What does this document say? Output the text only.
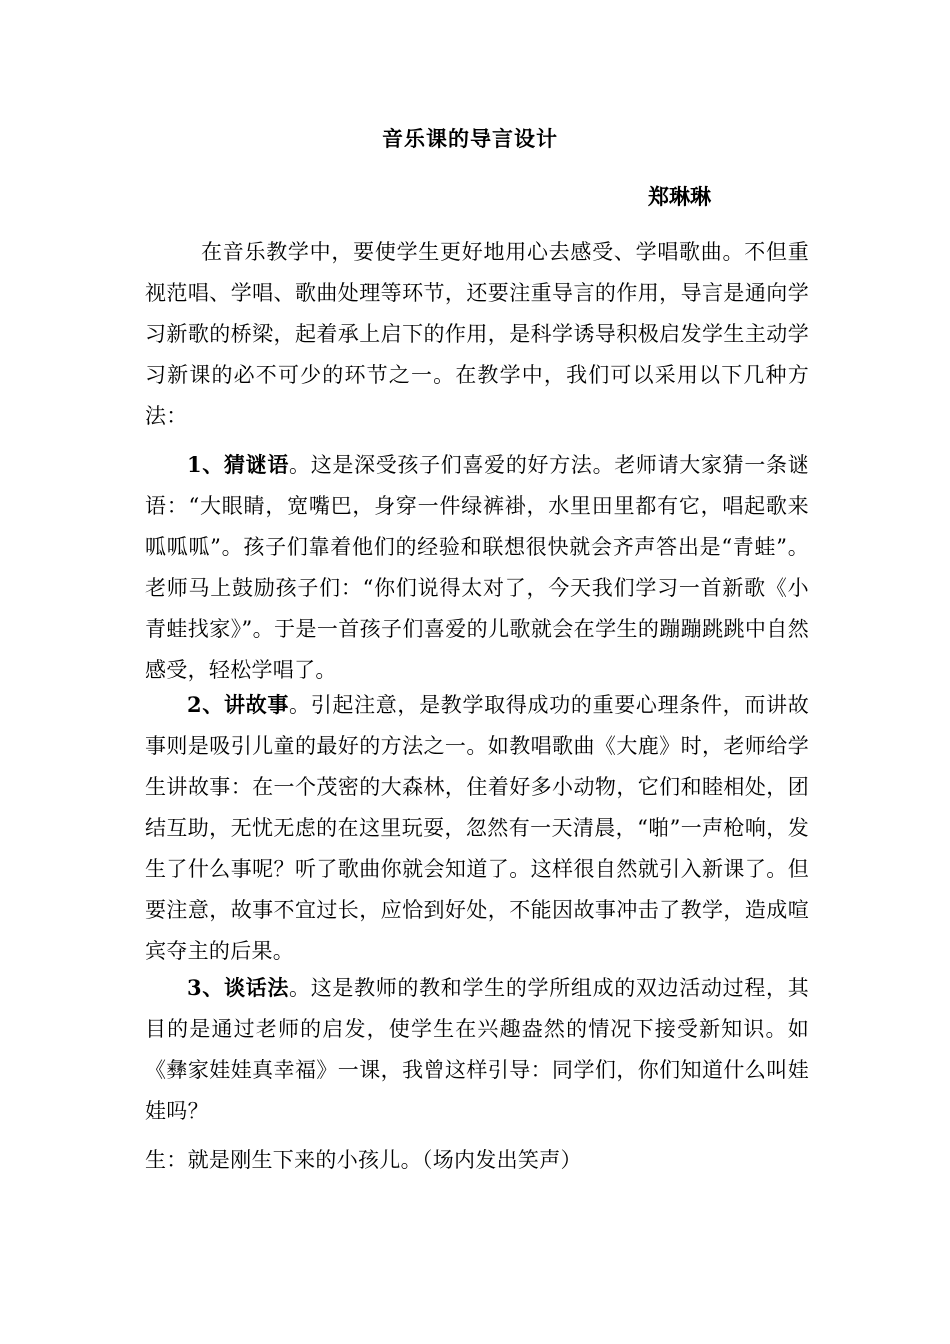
音乐课的导言设计
郑琳琳

在音乐教学中，要使学生更好地用心去感受、学唱歌曲。不但重视范唱、学唱、歌曲处理等环节，还要注重导言的作用，导言是通向学习新歌的桥梁，起着承上启下的作用，是科学诱导积极启发学生主动学习新课的必不可少的环节之一。在教学中，我们可以采用以下几种方法：

1、猜谜语。这是深受孩子们喜爱的好方法。老师请大家猜一条谜语：“大眼睛，宽嘴巴，身穿一件绿裤褂，水里田里都有它，唱起歌来呱呱呱”。孩子们靠着他们的经验和联想很快就会齐声答出是“青蛙”。老师马上鼓励孩子们：“你们说得太对了，今天我们学习一首新歌《小青蛙找家》”。于是一首孩子们喜爱的儿歌就会在学生的蹦蹦跳跳中自然感受，轻松学唱了。

2、讲故事。引起注意，是教学取得成功的重要心理条件，而讲故事则是吸引儿童的最好的方法之一。如教唱歌曲《大鹿》时，老师给学生讲故事：在一个茂密的大森林，住着好多小动物，它们和睦相处，团结互助，无忧无虑的在这里玩耍，忽然有一天清晨，“啪”一声枪响，发生了什么事呢？听了歌曲你就会知道了。这样很自然就引入新课了。但要注意，故事不宜过长，应恰到好处，不能因故事冲击了教学，造成喧宾夺主的后果。

3、谈话法。这是教师的教和学生的学所组成的双边活动过程，其目的是通过老师的启发，使学生在兴趣盎然的情况下接受新知识。如《彝家娃娃真幸福》一课，我曾这样引导：同学们，你们知道什么叫娃娃吗？

生：就是刚生下来的小孩儿。（场内发出笑声）
